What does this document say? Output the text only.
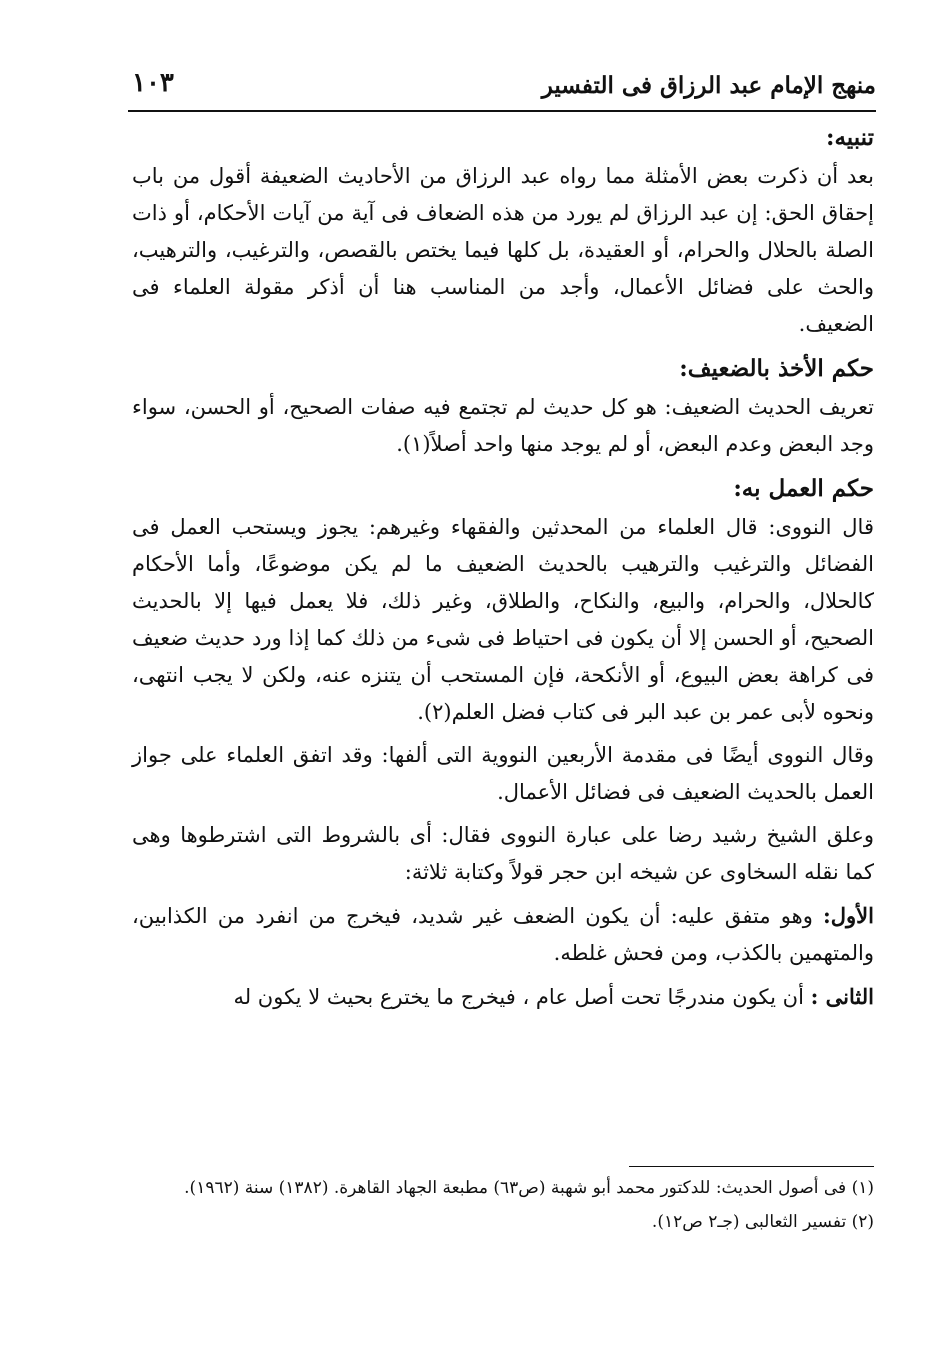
منهج الإمام عبد الرزاق فى التفسير
١٠٣

تنبيه:

بعد أن ذكرت بعض الأمثلة مما رواه عبد الرزاق من الأحاديث الضعيفة أقول من باب إحقاق الحق: إن عبد الرزاق لم يورد من هذه الضعاف فى آية من آيات الأحكام، أو ذات الصلة بالحلال والحرام، أو العقيدة، بل كلها فيما يختص بالقصص، والترغيب، والترهيب، والحث على فضائل الأعمال، وأجد من المناسب هنا أن أذكر مقولة العلماء فى الضعيف.

حكم الأخذ بالضعيف:

تعريف الحديث الضعيف: هو كل حديث لم تجتمع فيه صفات الصحيح، أو الحسن، سواء وجد البعض وعدم البعض، أو لم يوجد منها واحد أصلاً(١).

حكم العمل به:

قال النووى: قال العلماء من المحدثين والفقهاء وغيرهم: يجوز ويستحب العمل فى الفضائل والترغيب والترهيب بالحديث الضعيف ما لم يكن موضوعًا، وأما الأحكام كالحلال، والحرام، والبيع، والنكاح، والطلاق، وغير ذلك، فلا يعمل فيها إلا بالحديث الصحيح، أو الحسن إلا أن يكون فى احتياط فى شىء من ذلك كما إذا ورد حديث ضعيف فى كراهة بعض البيوع، أو الأنكحة، فإن المستحب أن يتنزه عنه، ولكن لا يجب انتهى، ونحوه لأبى عمر بن عبد البر فى كتاب فضل العلم(٢).

وقال النووى أيضًا فى مقدمة الأربعين النووية التى ألفها: وقد اتفق العلماء على جواز العمل بالحديث الضعيف فى فضائل الأعمال.

وعلق الشيخ رشيد رضا على عبارة النووى فقال: أى بالشروط التى اشترطوها وهى كما نقله السخاوى عن شيخه ابن حجر قولاً وكتابة ثلاثة:

الأول: وهو متفق عليه: أن يكون الضعف غير شديد، فيخرج من انفرد من الكذابين، والمتهمين بالكذب، ومن فحش غلطه.

الثانى : أن يكون مندرجًا تحت أصل عام ، فيخرج ما يخترع بحيث لا يكون له

(١) فى أصول الحديث: للدكتور محمد أبو شهبة (ص٦٣) مطبعة الجهاد القاهرة. (١٣٨٢) سنة (١٩٦٢).

(٢) تفسير الثعالبى (جـ٢ ص١٢).
